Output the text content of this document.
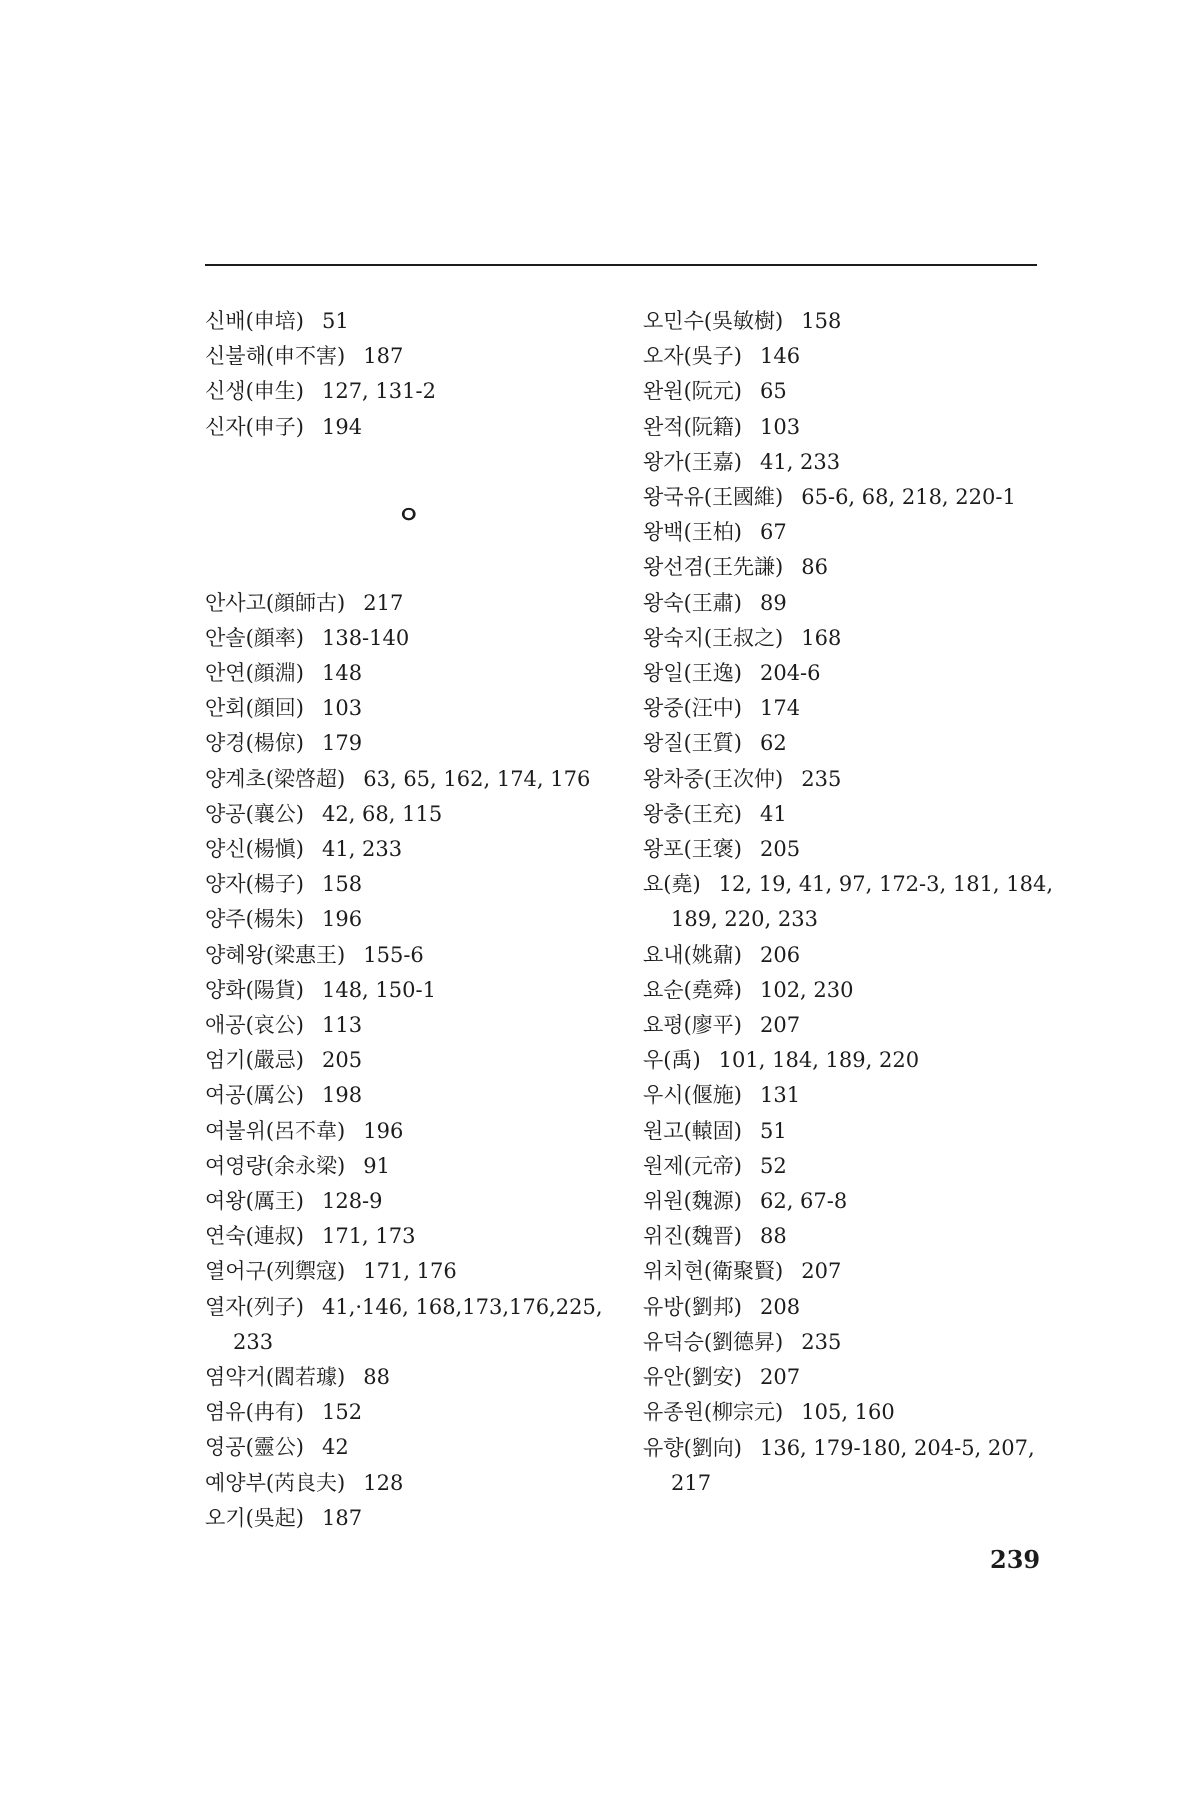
신배(申培) 51
신불해(申不害) 187
신생(申生) 127, 131-2
신자(申子) 194
ㅇ
안사고(顔師古) 217
안솔(顔率) 138-140
안연(顔淵) 148
안회(顔回) 103
양경(楊倞) 179
양계초(梁啓超) 63, 65, 162, 174, 176
양공(襄公) 42, 68, 115
양신(楊愼) 41, 233
양자(楊子) 158
양주(楊朱) 196
양혜왕(梁惠王) 155-6
양화(陽貨) 148, 150-1
애공(哀公) 113
엄기(嚴忌) 205
여공(厲公) 198
여불위(呂不韋) 196
여영량(余永梁) 91
여왕(厲王) 128-9
연숙(連叔) 171, 173
열어구(列禦寇) 171, 176
열자(列子) 41,·146, 168,173,176,225,
233
염약거(閻若璩) 88
염유(冉有) 152
영공(靈公) 42
예양부(芮良夫) 128
오기(吳起) 187
오민수(吳敏樹) 158
오자(吳子) 146
완원(阮元) 65
완적(阮籍) 103
왕가(王嘉) 41, 233
왕국유(王國維) 65-6, 68, 218, 220-1
왕백(王柏) 67
왕선겸(王先謙) 86
왕숙(王肅) 89
왕숙지(王叔之) 168
왕일(王逸) 204-6
왕중(汪中) 174
왕질(王質) 62
왕차중(王次仲) 235
왕충(王充) 41
왕포(王褒) 205
요(堯) 12, 19, 41, 97, 172-3, 181, 184,
189, 220, 233
요내(姚鼐) 206
요순(堯舜) 102, 230
요평(廖平) 207
우(禹) 101, 184, 189, 220
우시(偃施) 131
원고(轅固) 51
원제(元帝) 52
위원(魏源) 62, 67-8
위진(魏晋) 88
위치현(衛聚賢) 207
유방(劉邦) 208
유덕승(劉德昇) 235
유안(劉安) 207
유종원(柳宗元) 105, 160
유향(劉向) 136, 179-180, 204-5, 207,
217
239
